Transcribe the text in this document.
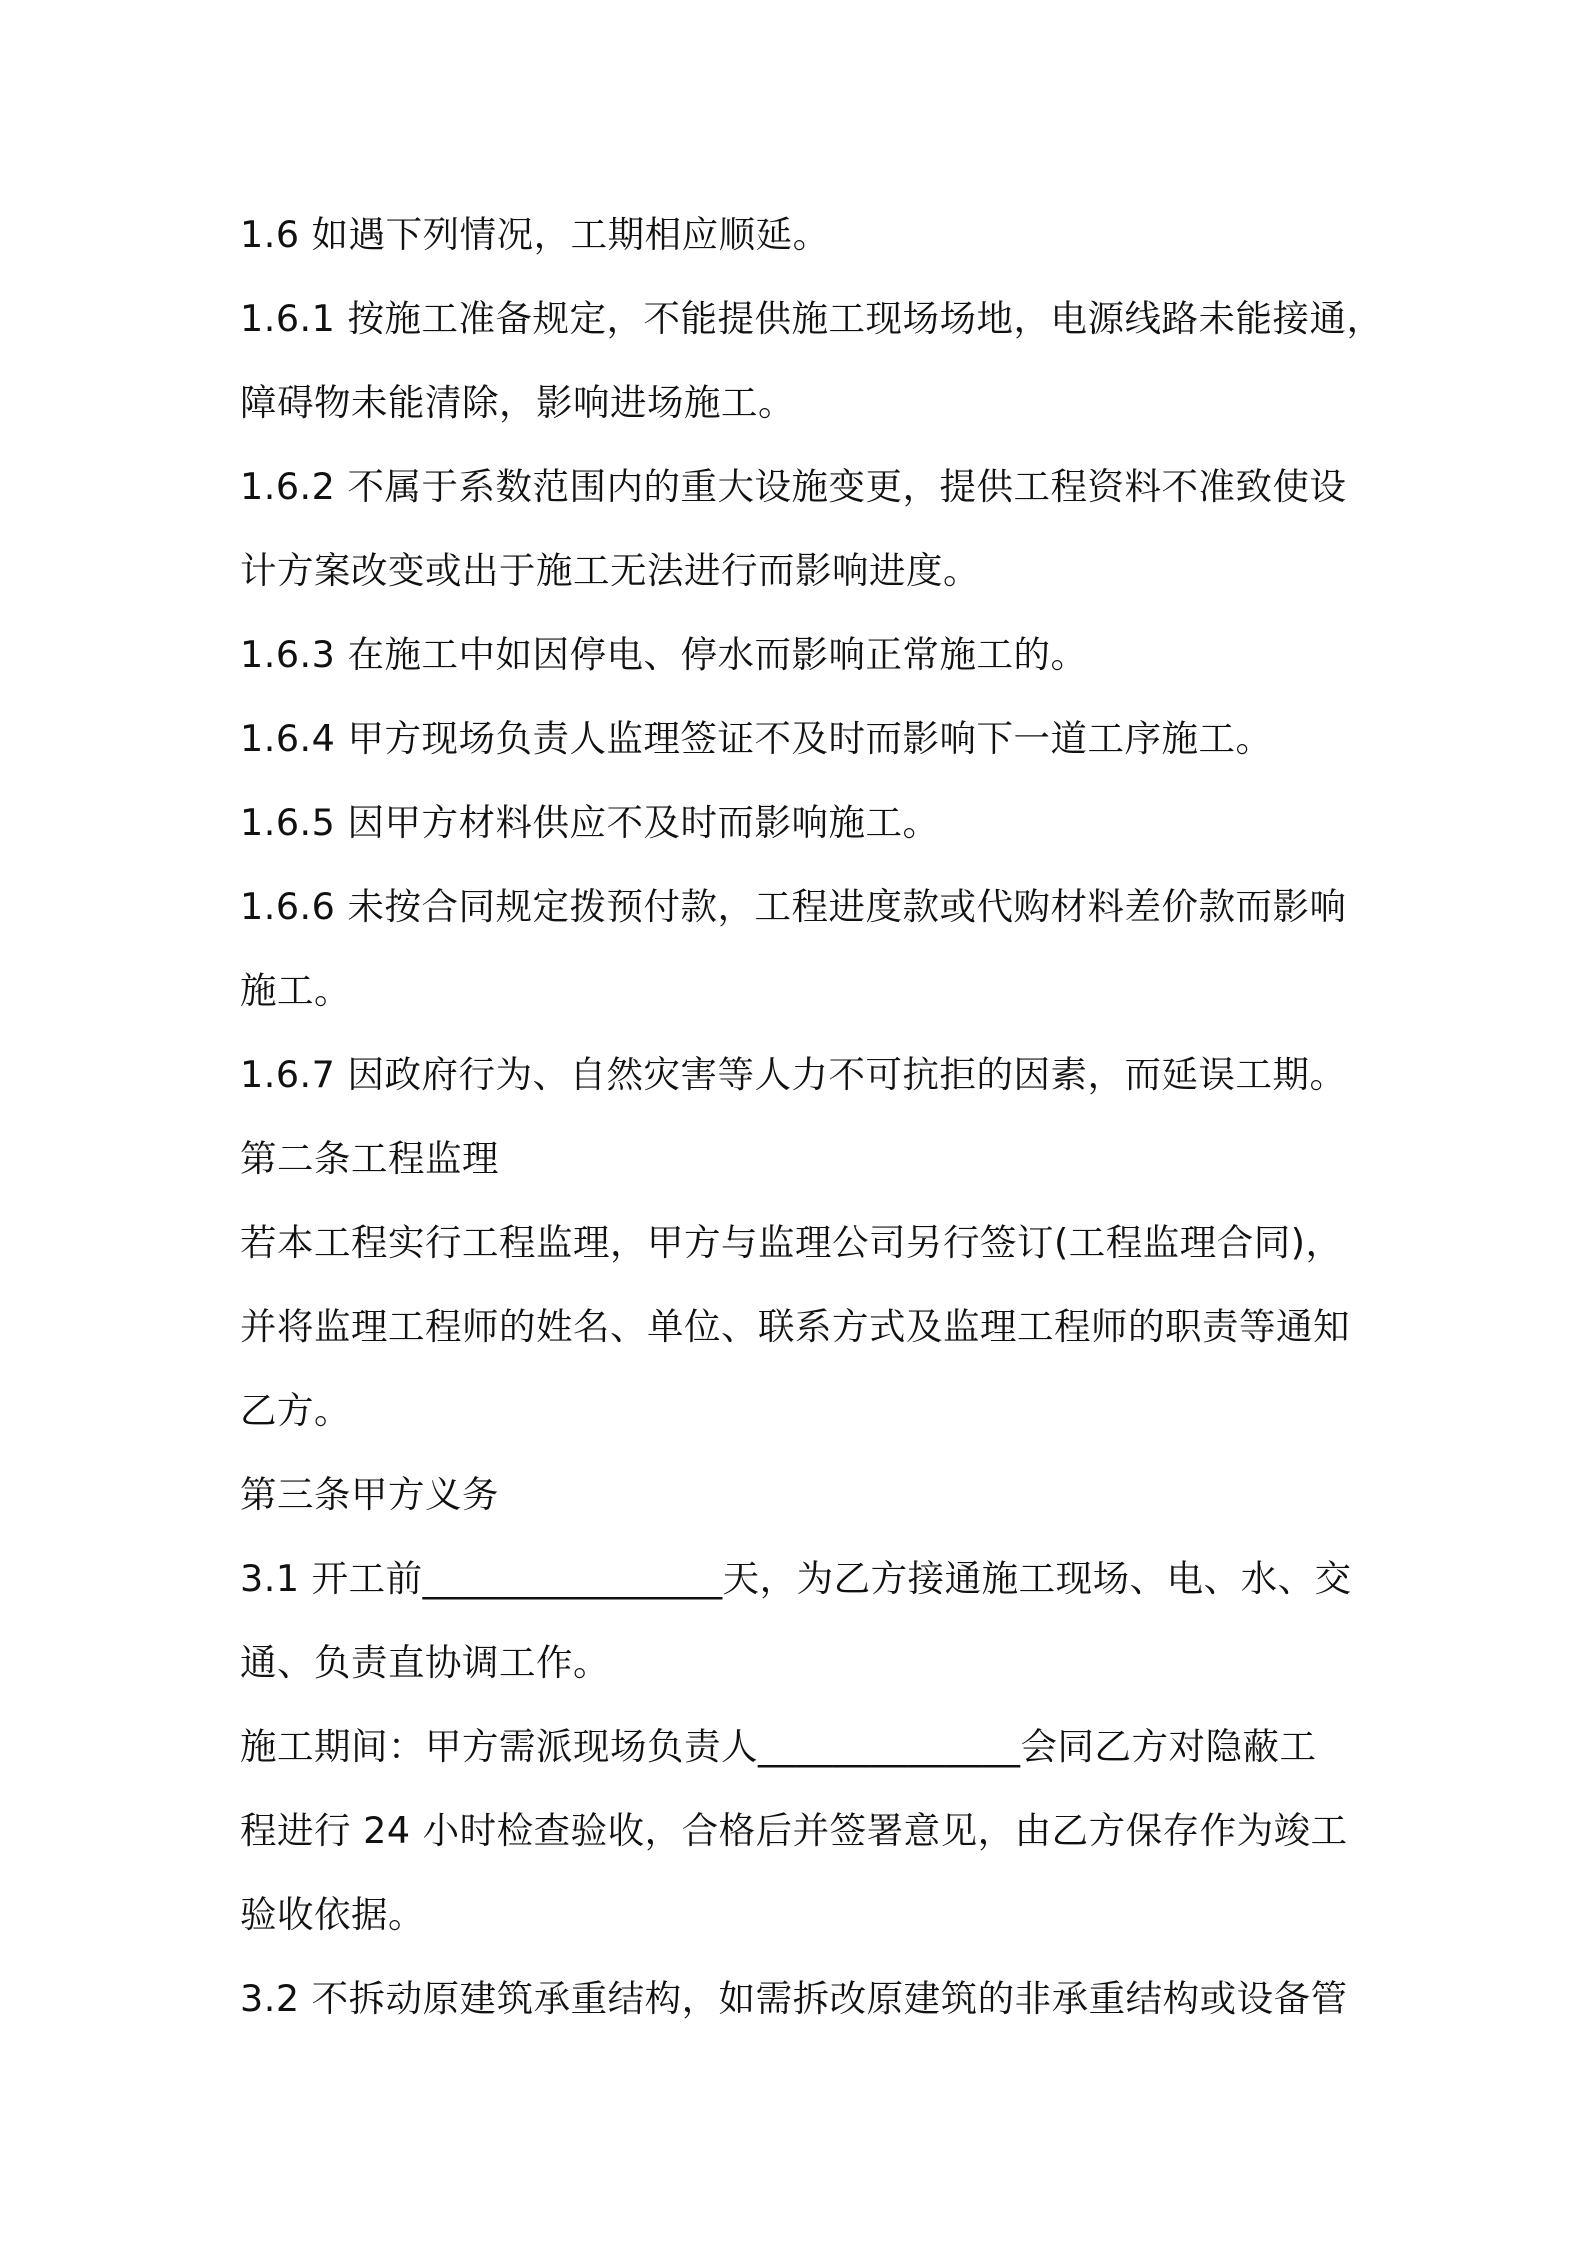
1.6 如遇下列情况，工期相应顺延。
1.6.1 按施工准备规定，不能提供施工现场场地，电源线路未能接通，
障碍物未能清除，影响进场施工。
1.6.2 不属于系数范围内的重大设施变更，提供工程资料不准致使设
计方案改变或出于施工无法进行而影响进度。
1.6.3 在施工中如因停电、停水而影响正常施工的。
1.6.4 甲方现场负责人监理签证不及时而影响下一道工序施工。
1.6.5 因甲方材料供应不及时而影响施工。
1.6.6 未按合同规定拨预付款，工程进度款或代购材料差价款而影响
施工。
1.6.7 因政府行为、自然灾害等人力不可抗拒的因素，而延误工期。
第二条工程监理
若本工程实行工程监理，甲方与监理公司另行签订(工程监理合同)，
并将监理工程师的姓名、单位、联系方式及监理工程师的职责等通知
乙方。
第三条甲方义务
3.1 开工前________________天，为乙方接通施工现场、电、水、交
通、负责直协调工作。
施工期间：甲方需派现场负责人______________会同乙方对隐蔽工
程进行 24 小时检查验收，合格后并签署意见，由乙方保存作为竣工
验收依据。
3.2 不拆动原建筑承重结构，如需拆改原建筑的非承重结构或设备管
